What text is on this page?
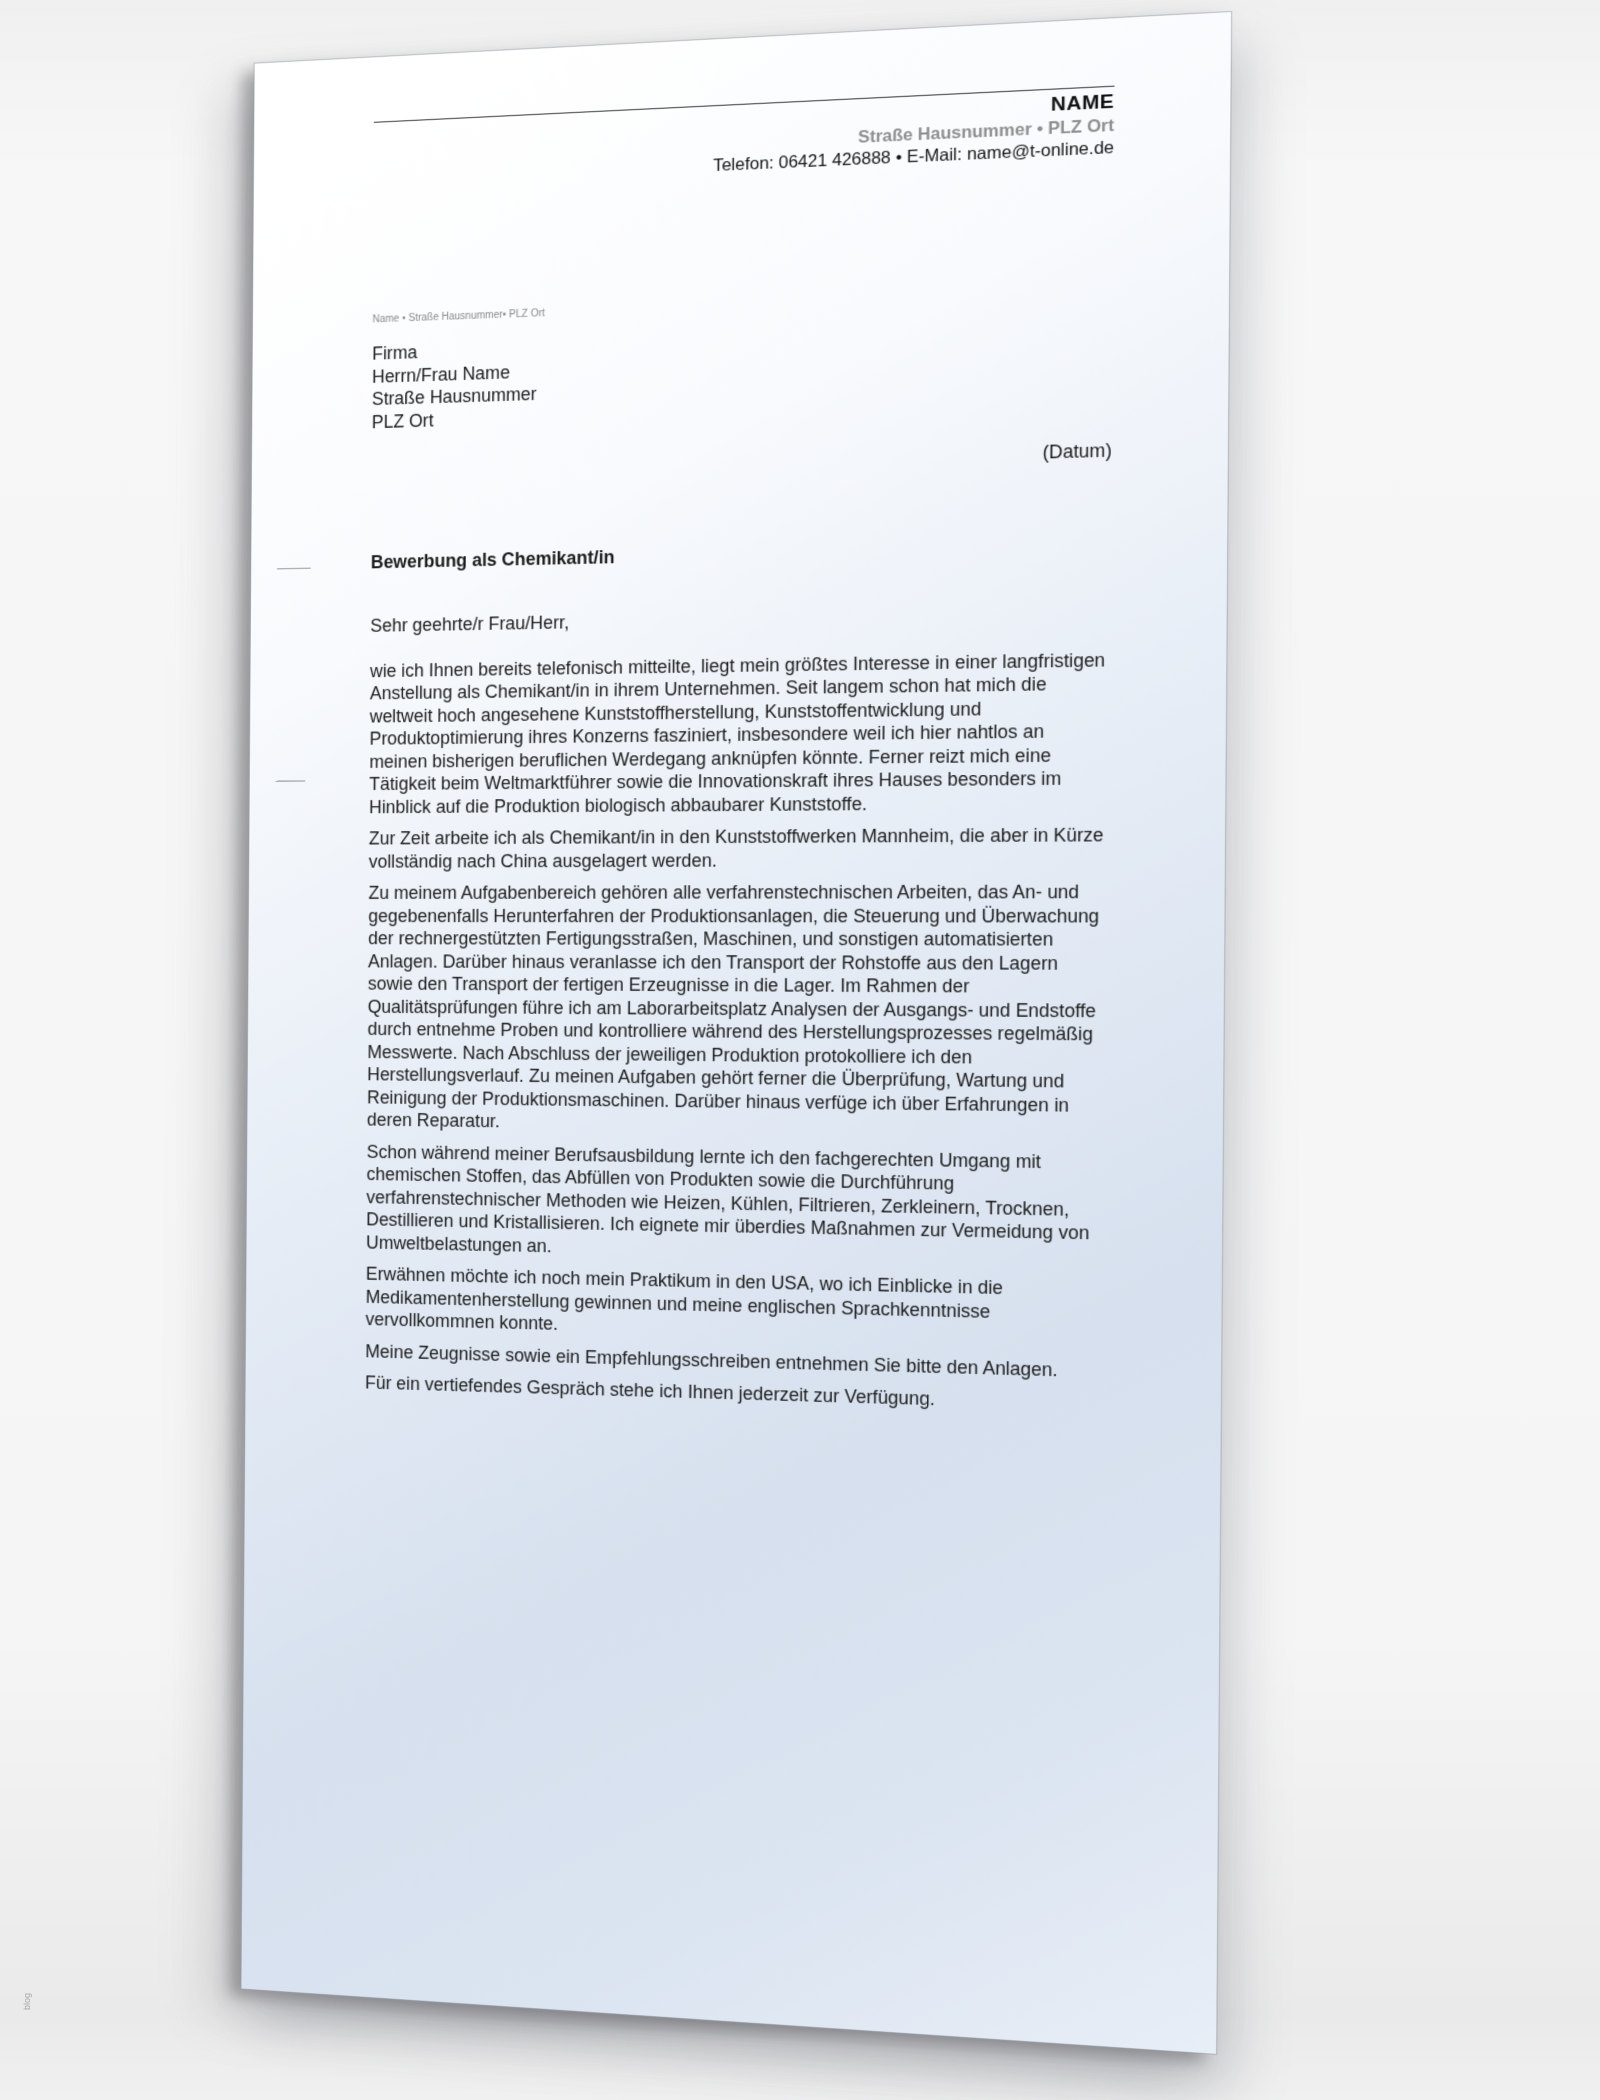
NAME
Straße Hausnummer • PLZ Ort
Telefon: 06421 426888 • E-Mail: name@t-online.de
Name • Straße Hausnummer• PLZ Ort
Firma
Herrn/Frau Name
Straße Hausnummer
PLZ Ort
(Datum)
Bewerbung als Chemikant/in
Sehr geehrte/r Frau/Herr,

wie ich Ihnen bereits telefonisch mitteilte, liegt mein größtes Interesse in einer langfristigen Anstellung als Chemikant/in in ihrem Unternehmen. Seit langem schon hat mich die weltweit hoch angesehene Kunststoffherstellung, Kunststoffentwicklung und Produktoptimierung ihres Konzerns fasziniert, insbesondere weil ich hier nahtlos an meinen bisherigen beruflichen Werdegang anknüpfen könnte. Ferner reizt mich eine Tätigkeit beim Weltmarktführer sowie die Innovationskraft ihres Hauses besonders im Hinblick auf die Produktion biologisch abbaubarer Kunststoffe.

Zur Zeit arbeite ich als Chemikant/in in den Kunststoffwerken Mannheim, die aber in Kürze vollständig nach China ausgelagert werden.

Zu meinem Aufgabenbereich gehören alle verfahrenstechnischen Arbeiten, das An- und gegebenenfalls Herunterfahren der Produktionsanlagen, die Steuerung und Überwachung der rechnergestützten Fertigungsstraßen, Maschinen, und sonstigen automatisierten Anlagen. Darüber hinaus veranlasse ich den Transport der Rohstoffe aus den Lagern sowie den Transport der fertigen Erzeugnisse in die Lager. Im Rahmen der Qualitätsprüfungen führe ich am Laborarbeitsplatz Analysen der Ausgangs- und Endstoffe durch entnehme Proben und kontrolliere während des Herstellungsprozesses regelmäßig Messwerte. Nach Abschluss der jeweiligen Produktion protokolliere ich den Herstellungsverlauf. Zu meinen Aufgaben gehört ferner die Überprüfung, Wartung und Reinigung der Produktionsmaschinen. Darüber hinaus verfüge ich über Erfahrungen in deren Reparatur.

Schon während meiner Berufsausbildung lernte ich den fachgerechten Umgang mit chemischen Stoffen, das Abfüllen von Produkten sowie die Durchführung verfahrenstechnischer Methoden wie Heizen, Kühlen, Filtrieren, Zerkleinern, Trocknen, Destillieren und Kristallisieren. Ich eignete mir überdies Maßnahmen zur Vermeidung von Umweltbelastungen an.

Erwähnen möchte ich noch mein Praktikum in den USA, wo ich Einblicke in die Medikamentenherstellung gewinnen und meine englischen Sprachkenntnisse vervollkommnen konnte.

Meine Zeugnisse sowie ein Empfehlungsschreiben entnehmen Sie bitte den Anlagen.

Für ein vertiefendes Gespräch stehe ich Ihnen jederzeit zur Verfügung.

blog
